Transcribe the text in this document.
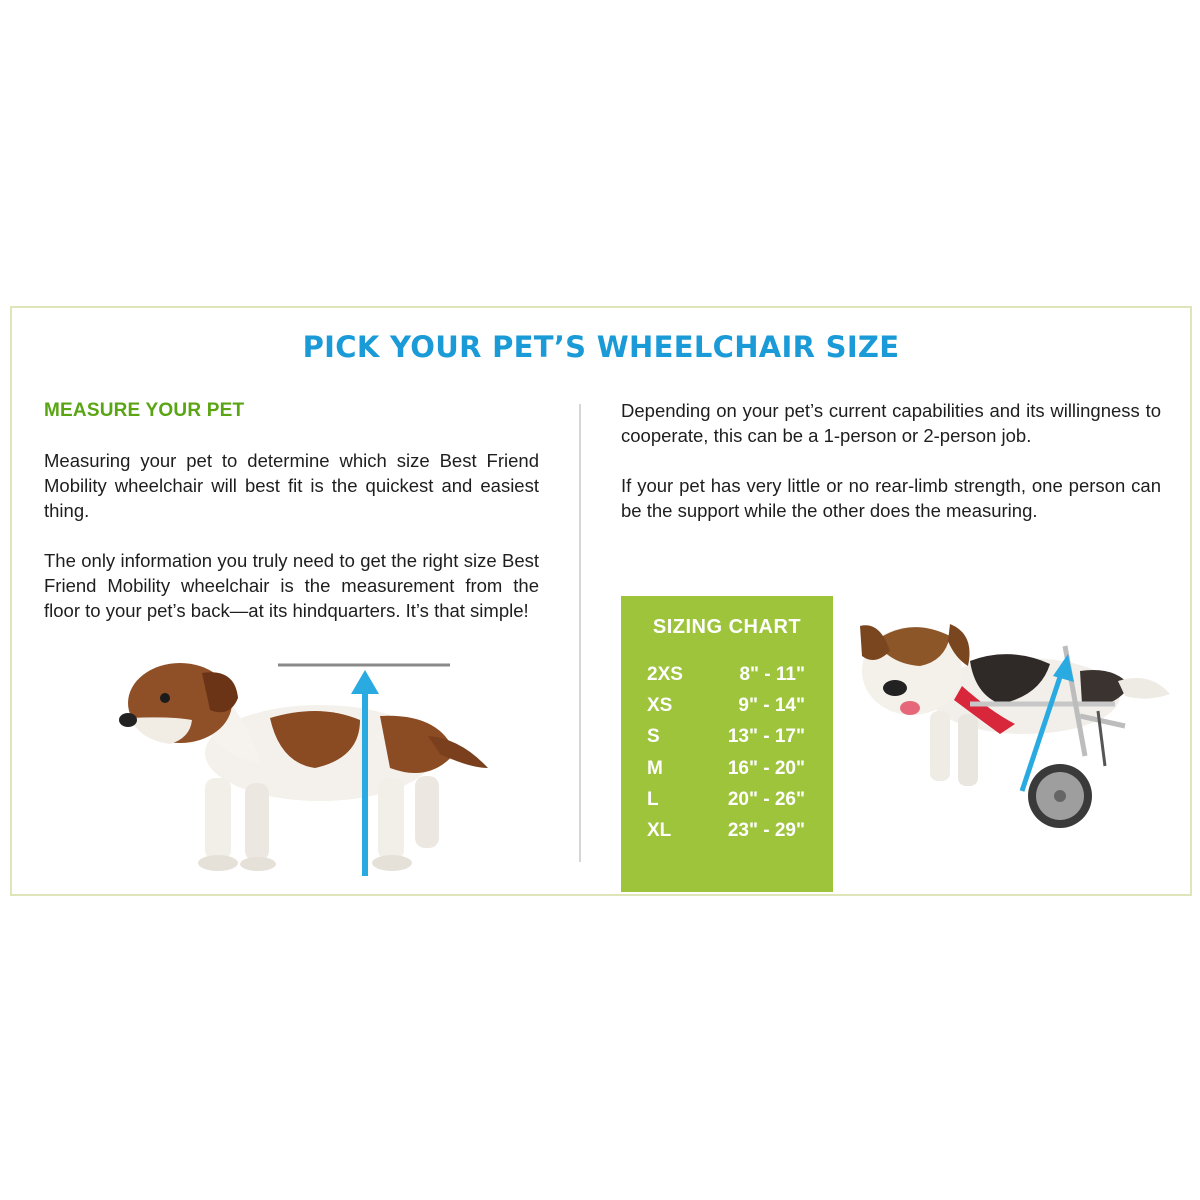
PICK YOUR PET’S WHEELCHAIR SIZE
MEASURE YOUR PET

Measuring your pet to determine which size Best Friend Mobility wheelchair will best fit is the quickest and easiest thing.

The only information you truly need to get the right size Best Friend Mobility wheelchair is the measurement from the floor to your pet’s back—at its hindquarters. It’s that simple!

Depending on your pet’s current capabilities and its willingness to cooperate, this can be a 1-person or 2-person job.

If your pet has very little or no rear-limb strength, one person can be the support while the other does the measuring.

SIZING CHART
2XS	8" - 11"
XS	9" - 14"
S	13" - 17"
M	16" - 20"
L	20" - 26"
XL	23" - 29"
